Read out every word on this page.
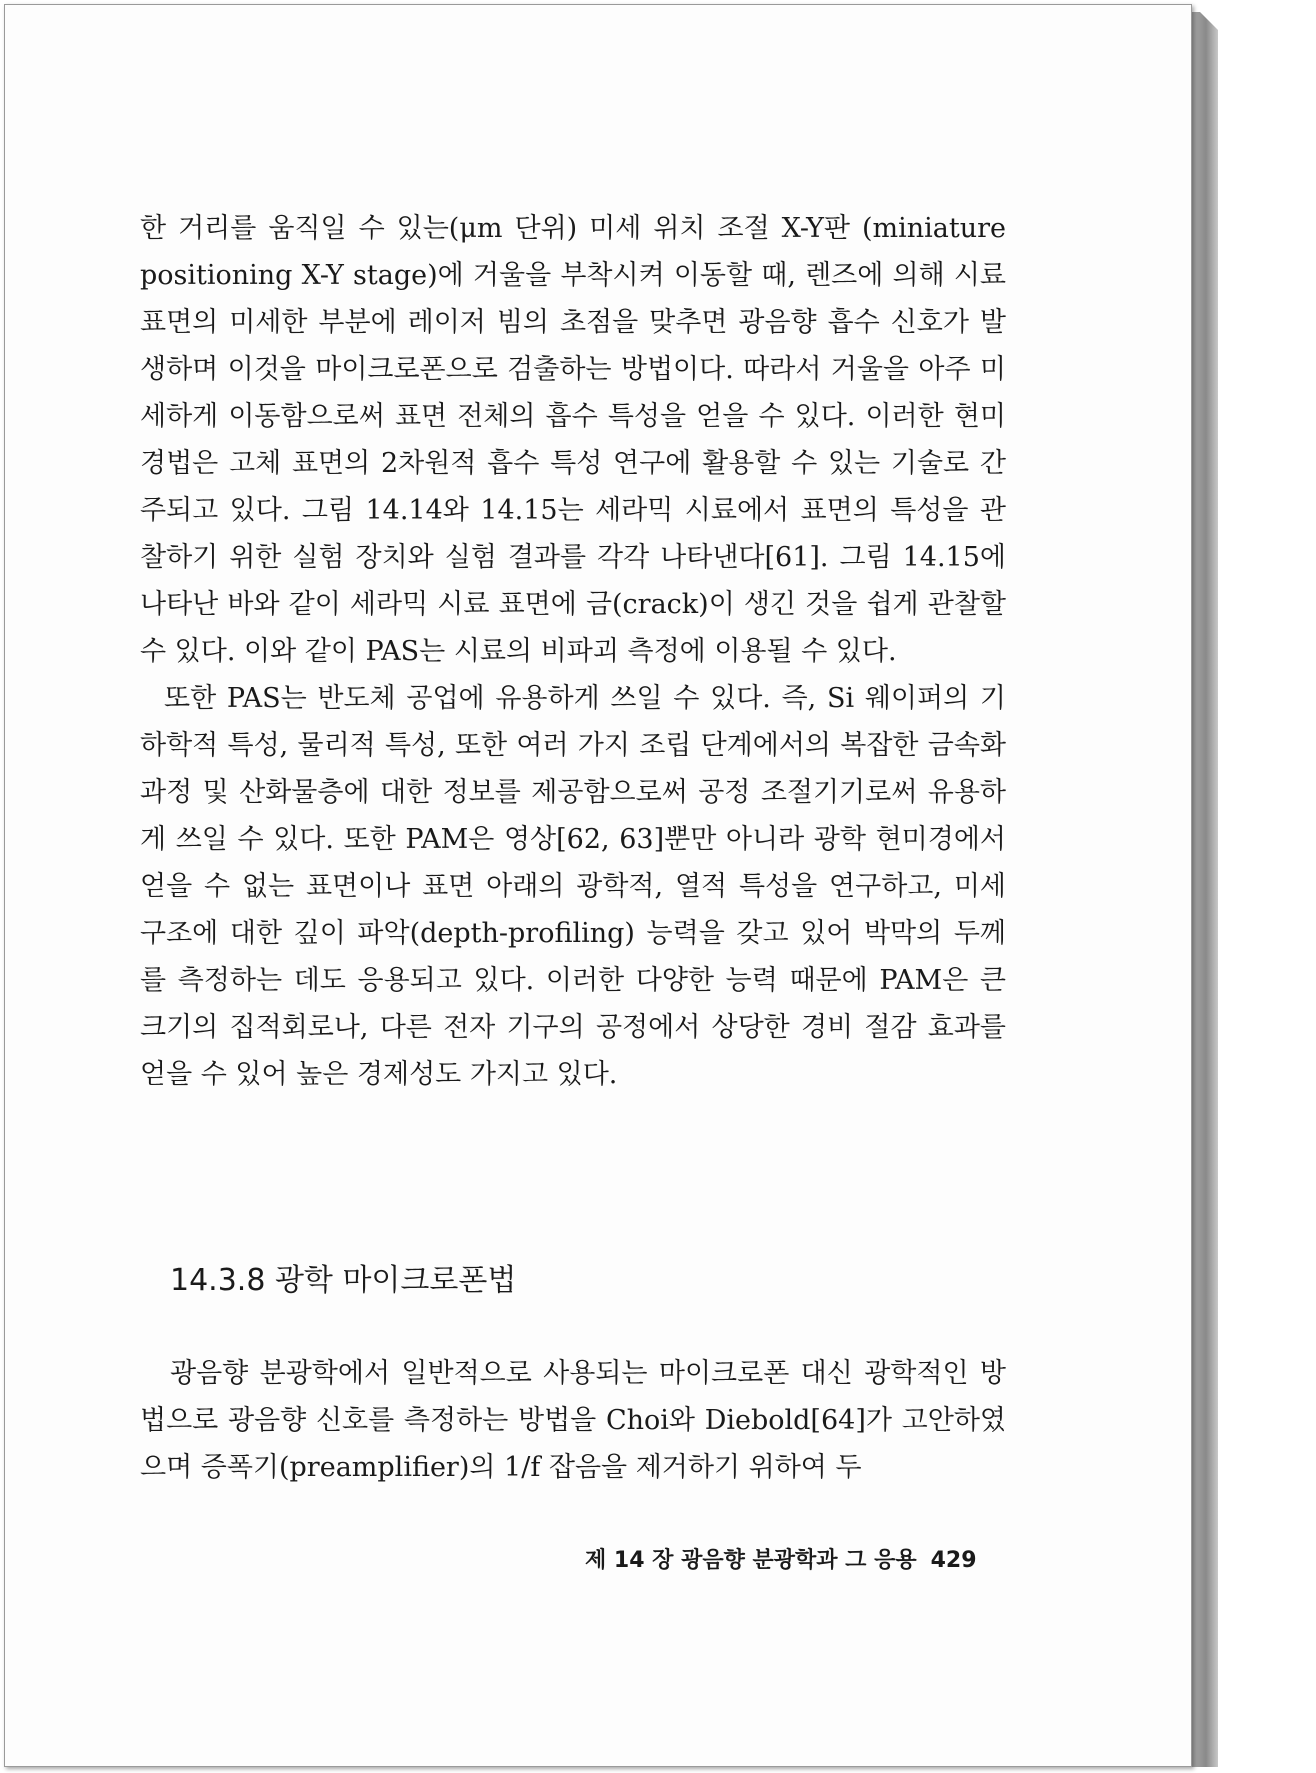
한 거리를 움직일 수 있는(μm 단위) 미세 위치 조절 X-Y판 (miniature positioning X-Y stage)에 거울을 부착시켜 이동할 때, 렌즈에 의해 시료 표면의 미세한 부분에 레이저 빔의 초점을 맞추면 광음향 흡수 신호가 발생하며 이것을 마이크로폰으로 검출하는 방법이다. 따라서 거울을 아주 미세하게 이동함으로써 표면 전체의 흡수 특성을 얻을 수 있다. 이러한 현미경법은 고체 표면의 2차원적 흡수 특성 연구에 활용할 수 있는 기술로 간주되고 있다. 그림 14.14와 14.15는 세라믹 시료에서 표면의 특성을 관찰하기 위한 실험 장치와 실험 결과를 각각 나타낸다[61]. 그림 14.15에 나타난 바와 같이 세라믹 시료 표면에 금(crack)이 생긴 것을 쉽게 관찰할 수 있다. 이와 같이 PAS는 시료의 비파괴 측정에 이용될 수 있다.

또한 PAS는 반도체 공업에 유용하게 쓰일 수 있다. 즉, Si 웨이퍼의 기하학적 특성, 물리적 특성, 또한 여러 가지 조립 단계에서의 복잡한 금속화 과정 및 산화물층에 대한 정보를 제공함으로써 공정 조절기기로써 유용하게 쓰일 수 있다. 또한 PAM은 영상[62, 63]뿐만 아니라 광학 현미경에서 얻을 수 없는 표면이나 표면 아래의 광학적, 열적 특성을 연구하고, 미세 구조에 대한 깊이 파악(depth-profiling) 능력을 갖고 있어 박막의 두께를 측정하는 데도 응용되고 있다. 이러한 다양한 능력 때문에 PAM은 큰 크기의 집적회로나, 다른 전자 기구의 공정에서 상당한 경비 절감 효과를 얻을 수 있어 높은 경제성도 가지고 있다.

14.3.8 광학 마이크로폰법

광음향 분광학에서 일반적으로 사용되는 마이크로폰 대신 광학적인 방법으로 광음향 신호를 측정하는 방법을 Choi와 Diebold[64]가 고안하였으며 증폭기(preamplifier)의 1/f 잡음을 제거하기 위하여 두

제 14 장 광음향 분광학과 그 응용 429
